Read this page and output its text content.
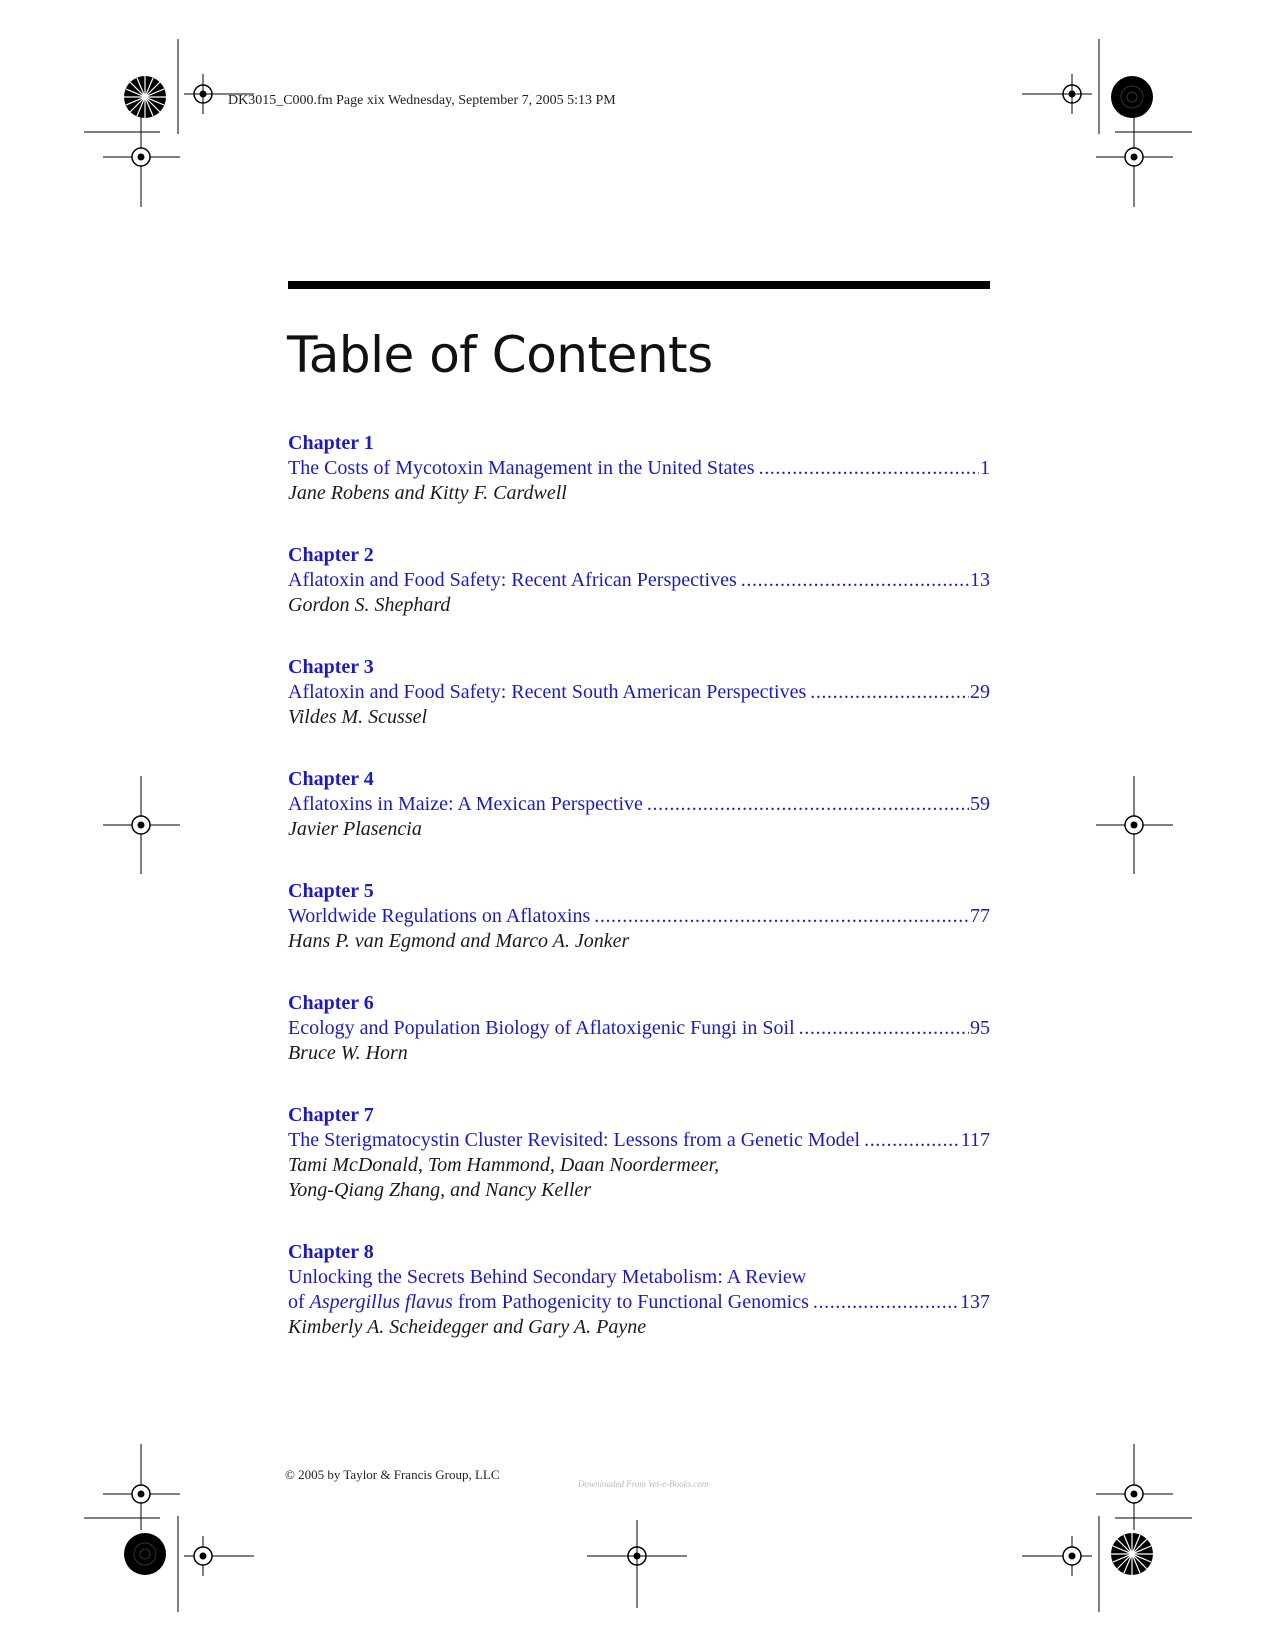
DK3015_C000.fm Page xix Wednesday, September 7, 2005 5:13 PM
Table of Contents
Chapter 1
The Costs of Mycotoxin Management in the United States .....	1
Jane Robens and Kitty F. Cardwell
Chapter 2
Aflatoxin and Food Safety: Recent African Perspectives .....	13
Gordon S. Shephard
Chapter 3
Aflatoxin and Food Safety: Recent South American Perspectives .....	29
Vildes M. Scussel
Chapter 4
Aflatoxins in Maize: A Mexican Perspective .....	59
Javier Plasencia
Chapter 5
Worldwide Regulations on Aflatoxins .....	77
Hans P. van Egmond and Marco A. Jonker
Chapter 6
Ecology and Population Biology of Aflatoxigenic Fungi in Soil .....	95
Bruce W. Horn
Chapter 7
The Sterigmatocystin Cluster Revisited: Lessons from a Genetic Model .....	117
Tami McDonald, Tom Hammond, Daan Noordermeer,
Yong-Qiang Zhang, and Nancy Keller
Chapter 8
Unlocking the Secrets Behind Secondary Metabolism: A Review
of Aspergillus flavus from Pathogenicity to Functional Genomics .....	137
Kimberly A. Scheidegger and Gary A. Payne
© 2005 by Taylor & Francis Group, LLC
Downloaded From Vet-e-Books.com
